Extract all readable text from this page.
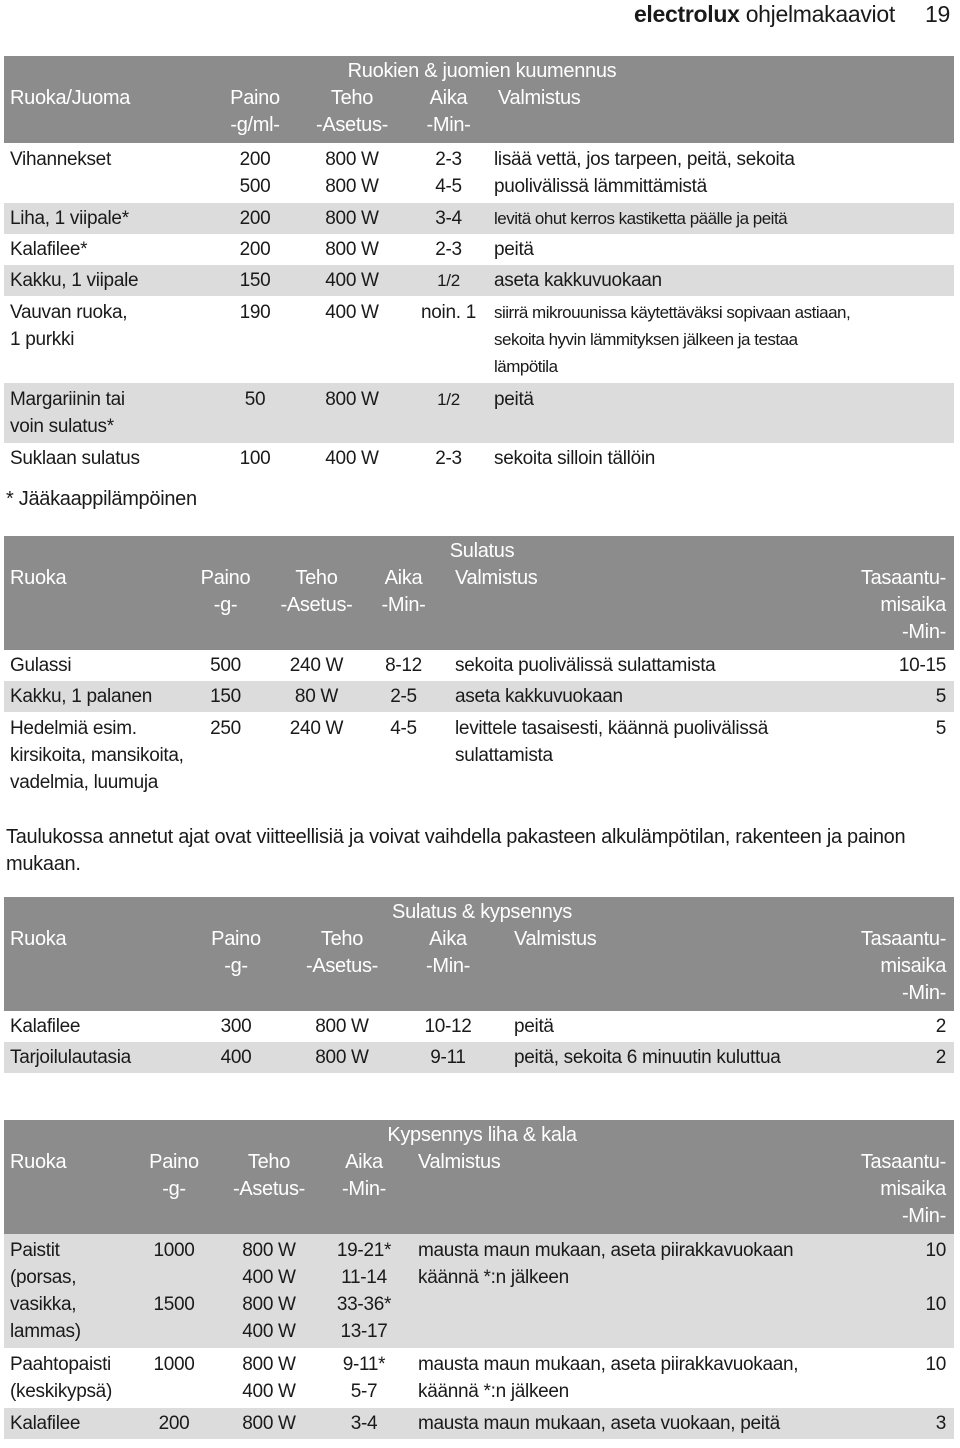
electrolux ohjelmakaaviot 19
Ruokien & juomien kuumennus				
Ruoka/Juoma	Paino	Teho	Aika	Valmistus
	-g/ml-	-Asetus-	-Min-	
Vihannekset	200	800 W	2-3	lisää vettä, jos tarpeen, peitä, sekoita
	500	800 W	4-5	puolivälissä lämmittämistä
Liha, 1 viipale*	200	800 W	3-4	levitä ohut kerros kastiketta päälle ja peitä
Kalafilee*	200	800 W	2-3	peitä
Kakku, 1 viipale	150	400 W	1/2	aseta kakkuvuokaan
Vauvan ruoka,	190	400 W	noin. 1	siirrä mikrouunissa käytettäväksi sopivaan astiaan,
1 purkki				sekoita hyvin lämmityksen jälkeen ja testaa
				lämpötila
Margariinin tai	50	800 W	1/2	peitä
voin sulatus*				
Suklaan sulatus	100	400 W	2-3	sekoita silloin tällöin
* Jääkaappilämpöinen
Sulatus					
Ruoka	Paino	Teho	Aika	Valmistus	Tasaantu-
	-g-	-Asetus-	-Min-		misaika
					-Min-
Gulassi	500	240 W	8-12	sekoita puolivälissä sulattamista	10-15
Kakku, 1 palanen	150	80 W	2-5	aseta kakkuvuokaan	5
Hedelmiä esim.	250	240 W	4-5	levittele tasaisesti, käännä puolivälissä	5
kirsikoita, mansikoita,				sulattamista	
vadelmia, luumuja					
Taulukossa annetut ajat ovat viitteellisiä ja voivat vaihdella pakasteen alkulämpötilan, rakenteen ja painon mukaan.
Sulatus & kypsennys					
Ruoka	Paino	Teho	Aika	Valmistus	Tasaantu-
	-g-	-Asetus-	-Min-		misaika
					-Min-
Kalafilee	300	800 W	10-12	peitä	2
Tarjoilulautasia	400	800 W	9-11	peitä, sekoita 6 minuutin kuluttua	2
Kypsennys liha & kala					
Ruoka	Paino	Teho	Aika	Valmistus	Tasaantu-
	-g-	-Asetus-	-Min-		misaika
					-Min-
Paistit	1000	800 W	19-21*	mausta maun mukaan, aseta piirakkavuokaan	10
(porsas,		400 W	11-14	käännä *:n jälkeen	
vasikka,	1500	800 W	33-36*		10
lammas)		400 W	13-17		
Paahtopaisti	1000	800 W	9-11*	mausta maun mukaan, aseta piirakkavuokaan,	10
(keskikypsä)		400 W	5-7	käännä *:n jälkeen	
Kalafilee	200	800 W	3-4	mausta maun mukaan, aseta vuokaan, peitä	3
